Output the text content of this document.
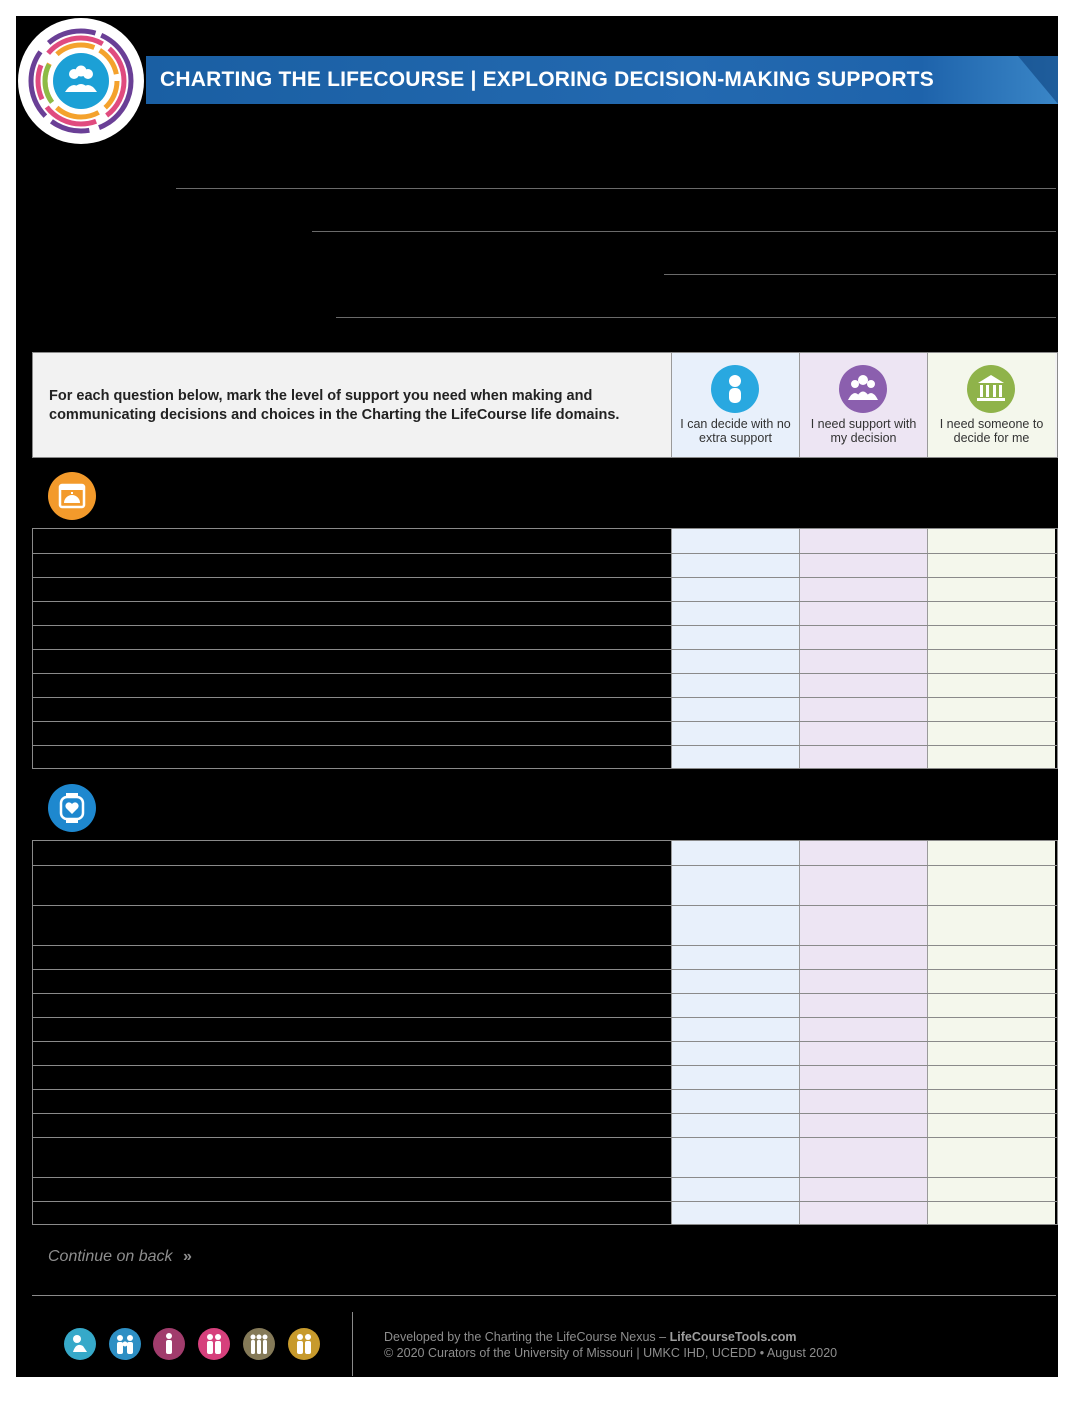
CHARTING THE LIFECOURSE | EXPLORING DECISION-MAKING SUPPORTS
For each question below, mark the level of support you need when making and communicating decisions and choices in the Charting the LifeCourse life domains.
I can decide with no extra support
I need support with my decision
I need someone to decide for me
Continue on back »
Developed by the Charting the LifeCourse Nexus – LifeCourseTools.com
© 2020 Curators of the University of Missouri | UMKC IHD, UCEDD • August 2020
